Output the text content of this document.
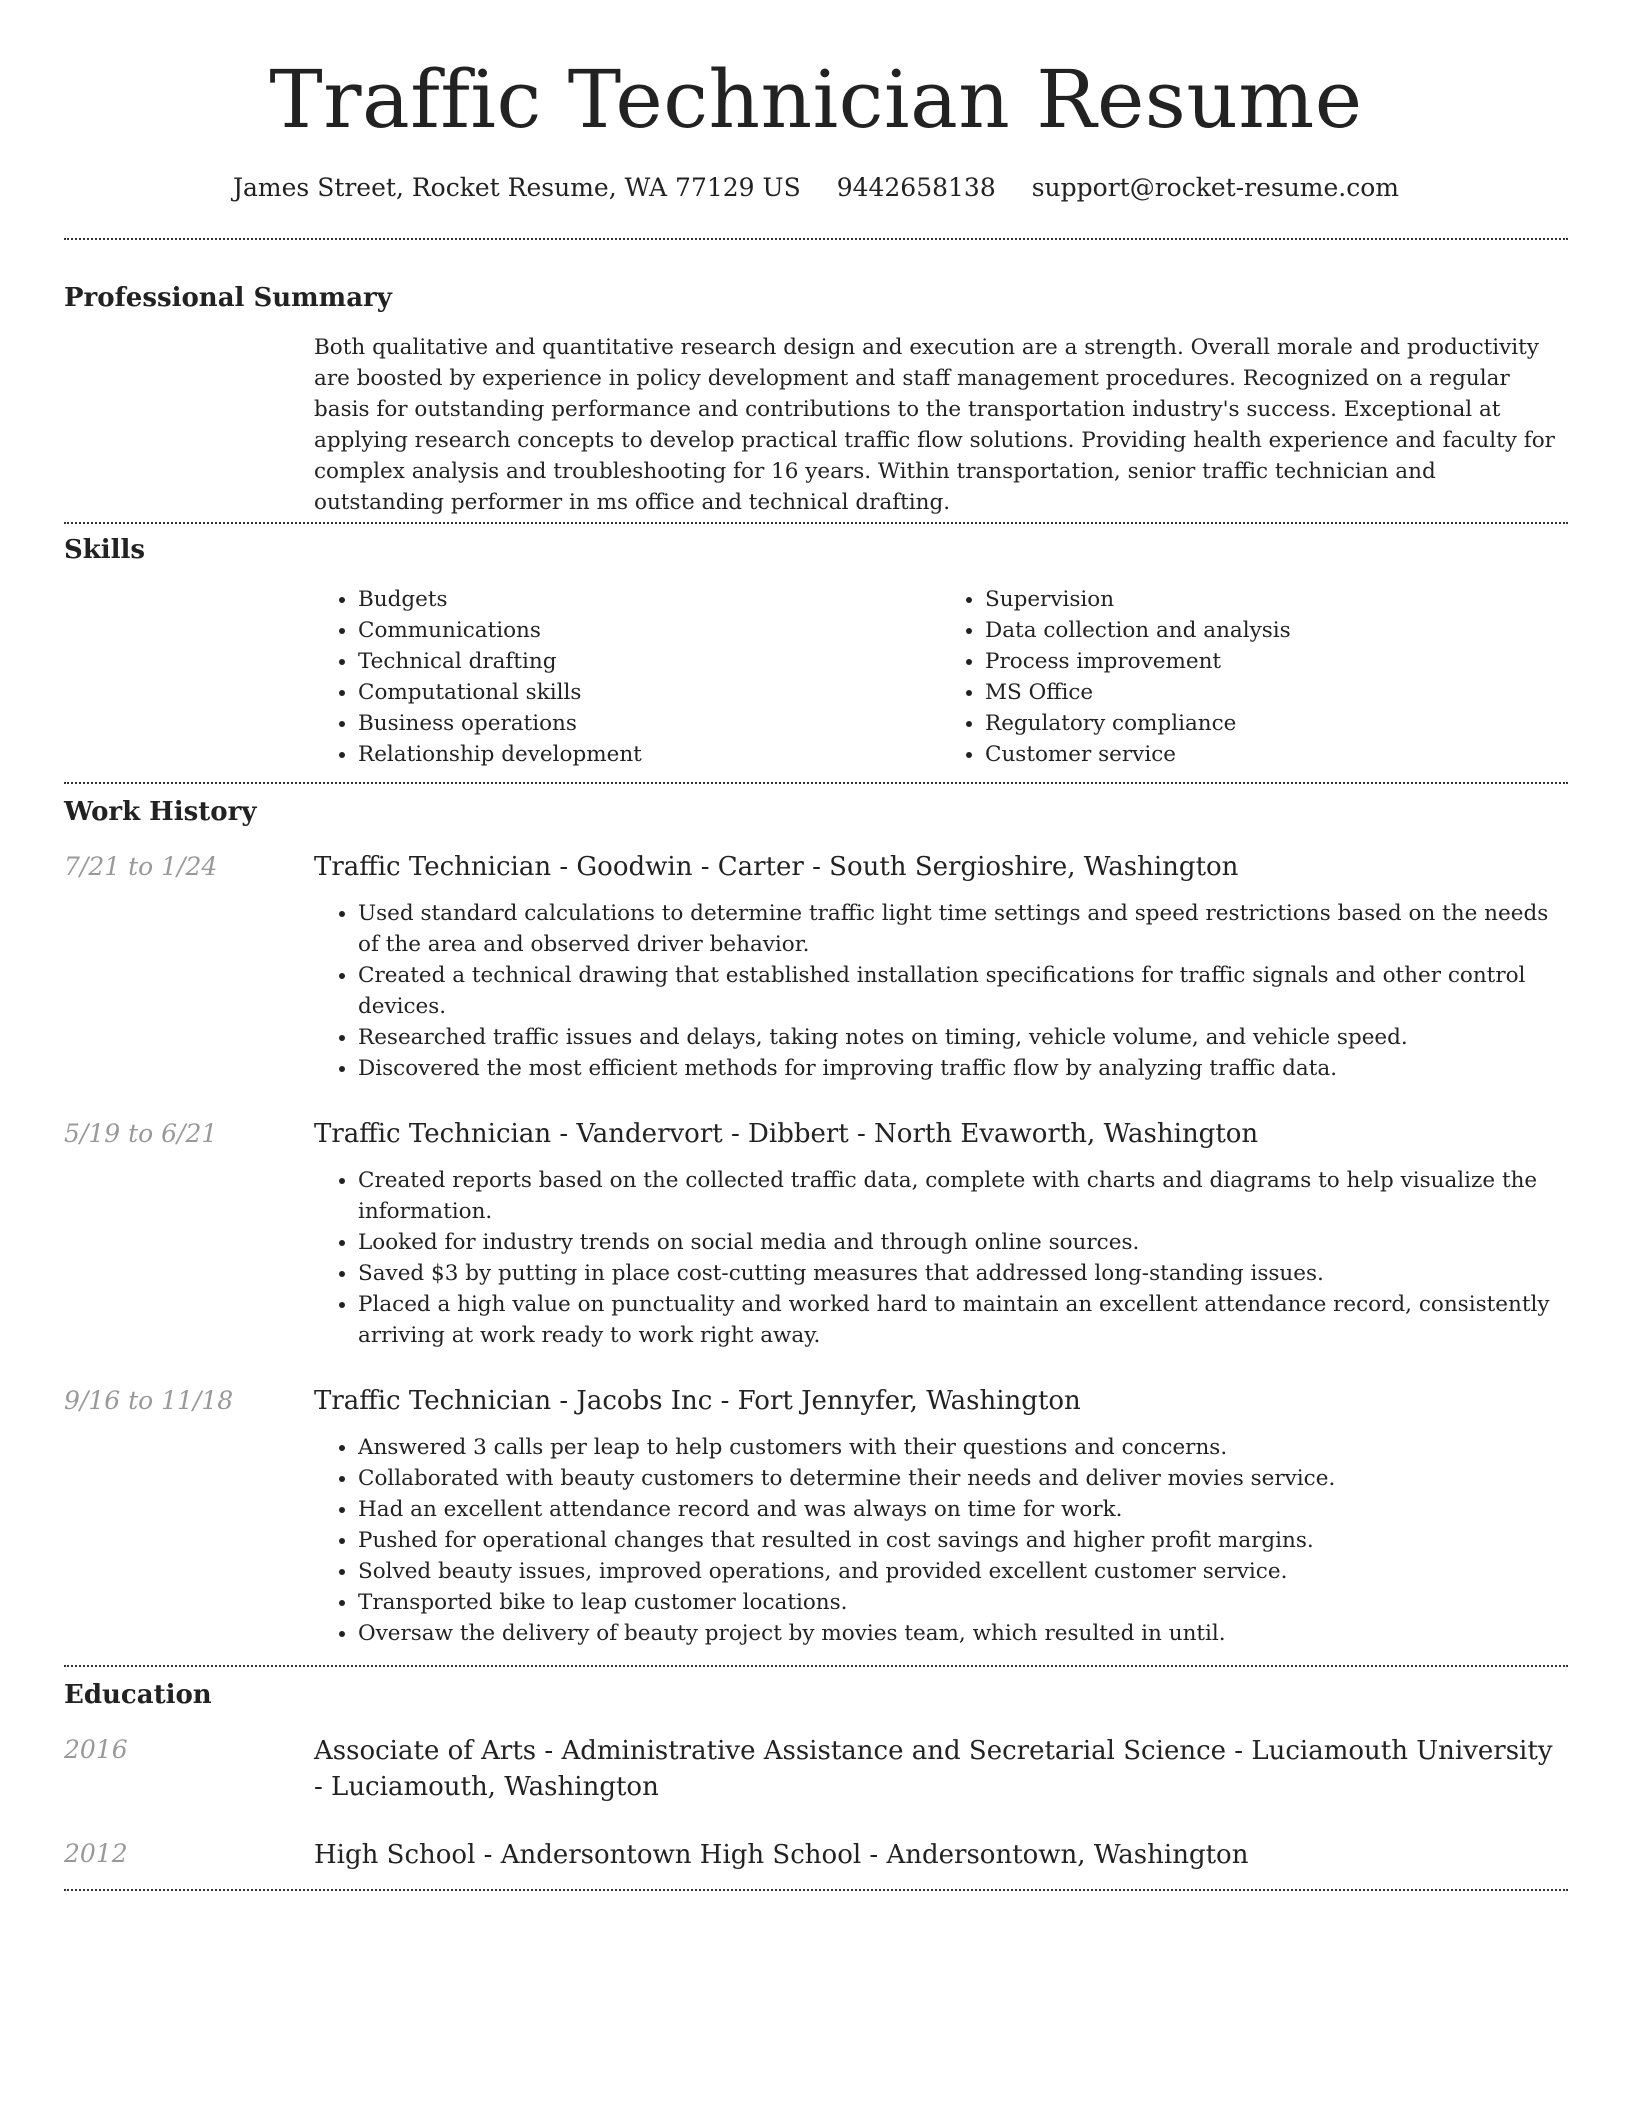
Traffic Technician Resume
James Street, Rocket Resume, WA 77129 US 9442658138 support@rocket-resume.com
Professional Summary

Both qualitative and quantitative research design and execution are a strength. Overall morale and productivity are boosted by experience in policy development and staff management procedures. Recognized on a regular basis for outstanding performance and contributions to the transportation industry's success. Exceptional at applying research concepts to develop practical traffic flow solutions. Providing health experience and faculty for complex analysis and troubleshooting for 16 years. Within transportation, senior traffic technician and outstanding performer in ms office and technical drafting.

Skills
• Budgets
• Communications
• Technical drafting
• Computational skills
• Business operations
• Relationship development
• Supervision
• Data collection and analysis
• Process improvement
• MS Office
• Regulatory compliance
• Customer service
Work History
7/21 to 1/24	Traffic Technician - Goodwin - Carter - South Sergioshire, Washington

• Used standard calculations to determine traffic light time settings and speed restrictions based on the needs of the area and observed driver behavior.
• Created a technical drawing that established installation specifications for traffic signals and other control devices.
• Researched traffic issues and delays, taking notes on timing, vehicle volume, and vehicle speed.
• Discovered the most efficient methods for improving traffic flow by analyzing traffic data.
5/19 to 6/21	Traffic Technician - Vandervort - Dibbert - North Evaworth, Washington

• Created reports based on the collected traffic data, complete with charts and diagrams to help visualize the information.
• Looked for industry trends on social media and through online sources.
• Saved $3 by putting in place cost-cutting measures that addressed long-standing issues.
• Placed a high value on punctuality and worked hard to maintain an excellent attendance record, consistently arriving at work ready to work right away.
9/16 to 11/18	Traffic Technician - Jacobs Inc - Fort Jennyfer, Washington

• Answered 3 calls per leap to help customers with their questions and concerns.
• Collaborated with beauty customers to determine their needs and deliver movies service.
• Had an excellent attendance record and was always on time for work.
• Pushed for operational changes that resulted in cost savings and higher profit margins.
• Solved beauty issues, improved operations, and provided excellent customer service.
• Transported bike to leap customer locations.
• Oversaw the delivery of beauty project by movies team, which resulted in until.
Education
2016	Associate of Arts - Administrative Assistance and Secretarial Science - Luciamouth University - Luciamouth, Washington

2012	High School - Andersontown High School - Andersontown, Washington
